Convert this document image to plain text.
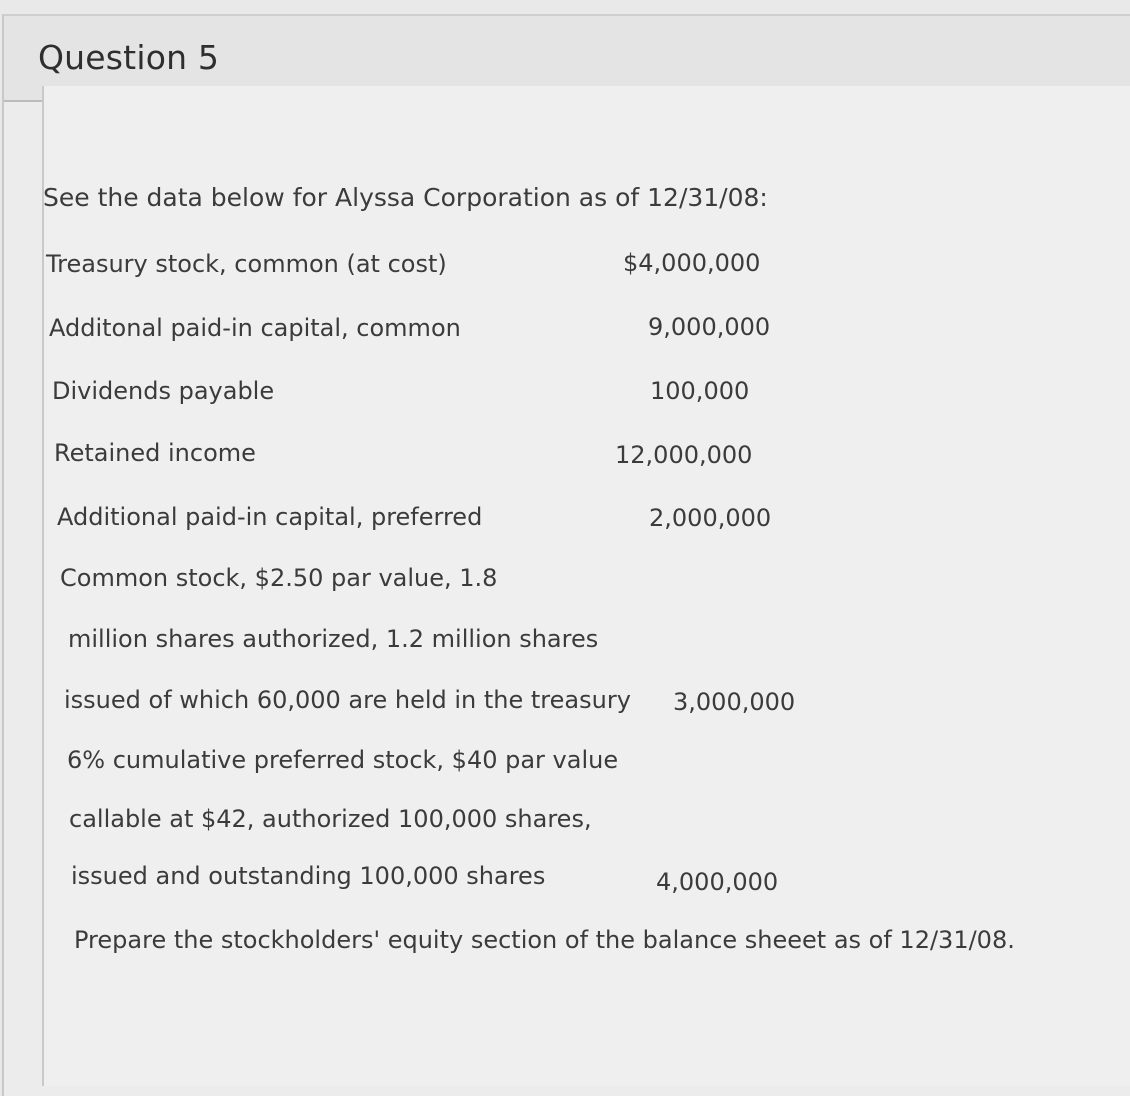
Question 5
See the data below for Alyssa Corporation as of 12/31/08:
Treasury stock, common (at cost)	$4,000,000
Additonal paid-in capital, common	9,000,000
Dividends payable	100,000
Retained income	12,000,000
Additional paid-in capital, preferred	2,000,000
Common stock, $2.50 par value, 1.8
million shares authorized, 1.2 million shares
issued of which 60,000 are held in the treasury 3,000,000
6% cumulative preferred stock, $40 par value
callable at $42, authorized 100,000 shares,
issued and outstanding 100,000 shares	4,000,000
Prepare the stockholders' equity section of the balance sheeet as of 12/31/08.
